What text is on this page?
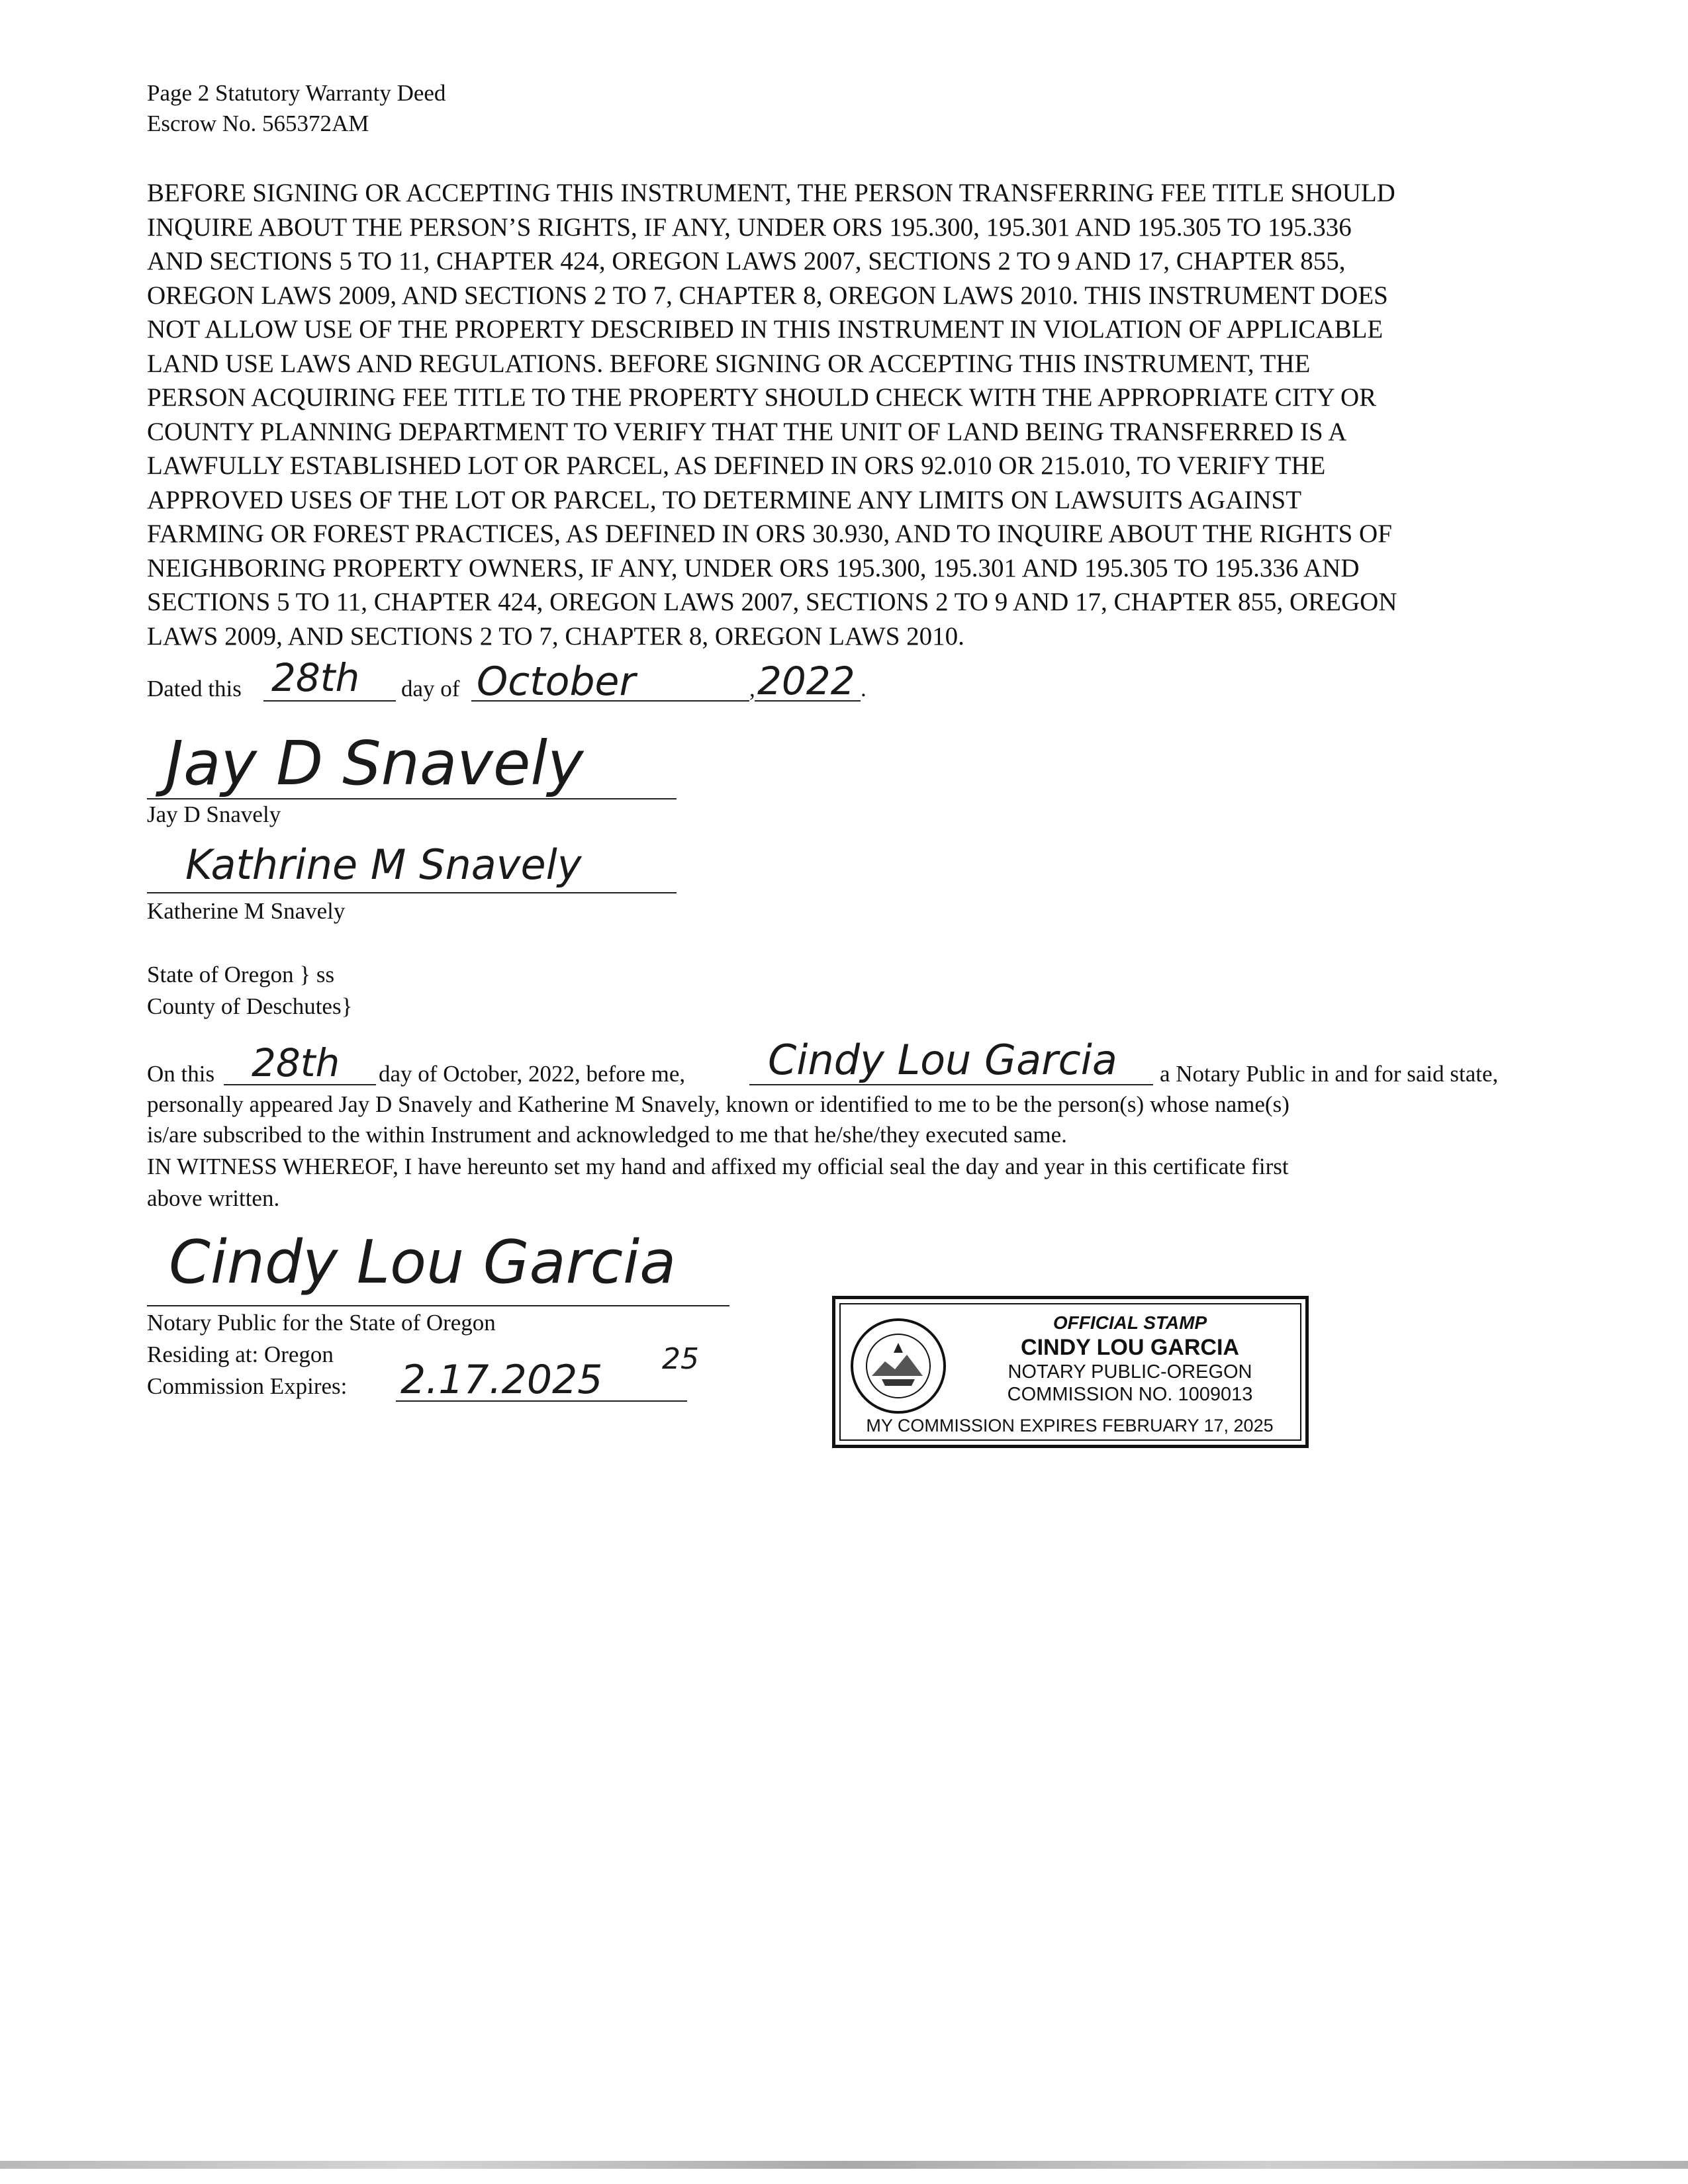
Page 2 Statutory Warranty Deed
Escrow No. 565372AM
BEFORE SIGNING OR ACCEPTING THIS INSTRUMENT, THE PERSON TRANSFERRING FEE TITLE SHOULD
INQUIRE ABOUT THE PERSON’S RIGHTS, IF ANY, UNDER ORS 195.300, 195.301 AND 195.305 TO 195.336
AND SECTIONS 5 TO 11, CHAPTER 424, OREGON LAWS 2007, SECTIONS 2 TO 9 AND 17, CHAPTER 855,
OREGON LAWS 2009, AND SECTIONS 2 TO 7, CHAPTER 8, OREGON LAWS 2010. THIS INSTRUMENT DOES
NOT ALLOW USE OF THE PROPERTY DESCRIBED IN THIS INSTRUMENT IN VIOLATION OF APPLICABLE
LAND USE LAWS AND REGULATIONS. BEFORE SIGNING OR ACCEPTING THIS INSTRUMENT, THE
PERSON ACQUIRING FEE TITLE TO THE PROPERTY SHOULD CHECK WITH THE APPROPRIATE CITY OR
COUNTY PLANNING DEPARTMENT TO VERIFY THAT THE UNIT OF LAND BEING TRANSFERRED IS A
LAWFULLY ESTABLISHED LOT OR PARCEL, AS DEFINED IN ORS 92.010 OR 215.010, TO VERIFY THE
APPROVED USES OF THE LOT OR PARCEL, TO DETERMINE ANY LIMITS ON LAWSUITS AGAINST
FARMING OR FOREST PRACTICES, AS DEFINED IN ORS 30.930, AND TO INQUIRE ABOUT THE RIGHTS OF
NEIGHBORING PROPERTY OWNERS, IF ANY, UNDER ORS 195.300, 195.301 AND 195.305 TO 195.336 AND
SECTIONS 5 TO 11, CHAPTER 424, OREGON LAWS 2007, SECTIONS 2 TO 9 AND 17, CHAPTER 855, OREGON
LAWS 2009, AND SECTIONS 2 TO 7, CHAPTER 8, OREGON LAWS 2010.
Dated this 28th day of October	, 2022 .
Jay D Snavely
Jay D Snavely
Kathrine M Snavely
Katherine M Snavely
State of Oregon } ss
County of Deschutes}
On this 28th day of October, 2022, before me, Cindy Lou Garcia a Notary Public in and for said state,
personally appeared Jay D Snavely and Katherine M Snavely, known or identified to me to be the person(s) whose name(s)
is/are subscribed to the within Instrument and acknowledged to me that he/she/they executed same.
IN WITNESS WHEREOF, I have hereunto set my hand and affixed my official seal the day and year in this certificate first
above written.
Cindy Lou Garcia
Notary Public for the State of Oregon
Residing at: Oregon
Commission Expires: 2.17.2025 25
OFFICIAL STAMP
CINDY LOU GARCIA
NOTARY PUBLIC-OREGON
COMMISSION NO. 1009013
MY COMMISSION EXPIRES FEBRUARY 17, 2025
